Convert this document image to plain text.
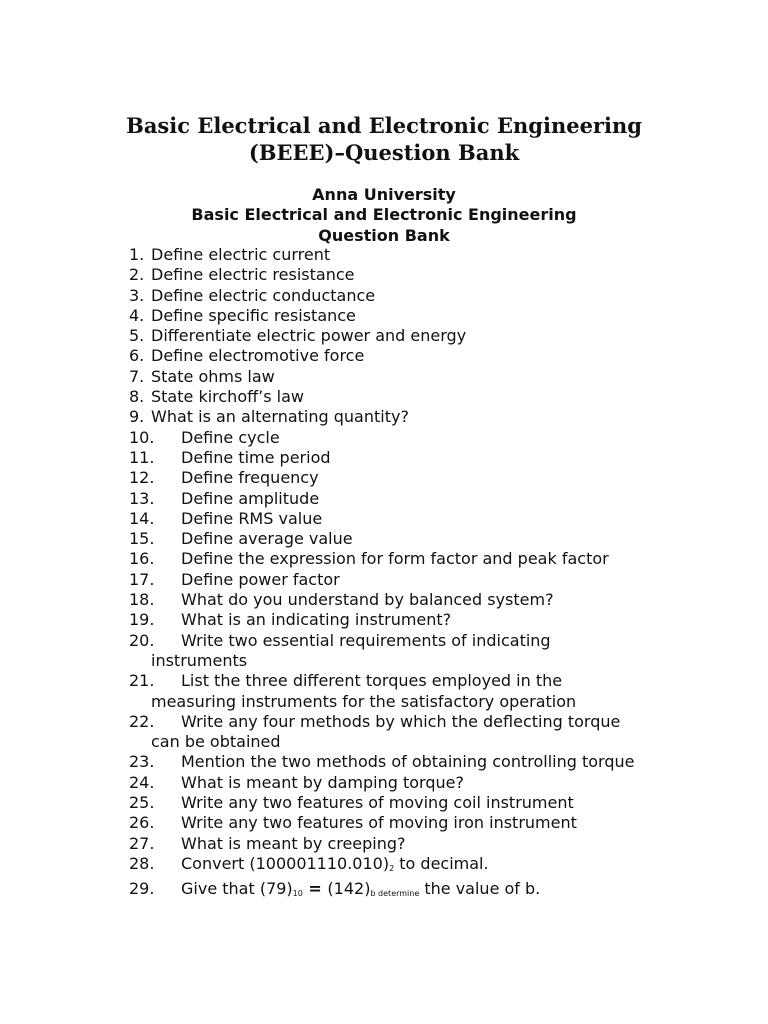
Basic Electrical and Electronic Engineering
(BEEE)–Question Bank
Anna University
Basic Electrical and Electronic Engineering
Question Bank
1. Define electric current
2. Define electric resistance
3. Define electric conductance
4. Define specific resistance
5. Differentiate electric power and energy
6. Define electromotive force
7. State ohms law
8. State kirchoff’s law
9. What is an alternating quantity?
10. Define cycle
11. Define time period
12. Define frequency
13. Define amplitude
14. Define RMS value
15. Define average value
16. Define the expression for form factor and peak factor
17. Define power factor
18. What do you understand by balanced system?
19. What is an indicating instrument?
20. Write two essential requirements of indicating
instruments
21. List the three different torques employed in the
measuring instruments for the satisfactory operation
22. Write any four methods by which the deflecting torque
can be obtained
23. Mention the two methods of obtaining controlling torque
24. What is meant by damping torque?
25. Write any two features of moving coil instrument
26. Write any two features of moving iron instrument
27. What is meant by creeping?
28. Convert $(100001110.010)_2$ to decimal.
29. Give that $(79)_{10} = (142)_{b determine}$ the value of b.
